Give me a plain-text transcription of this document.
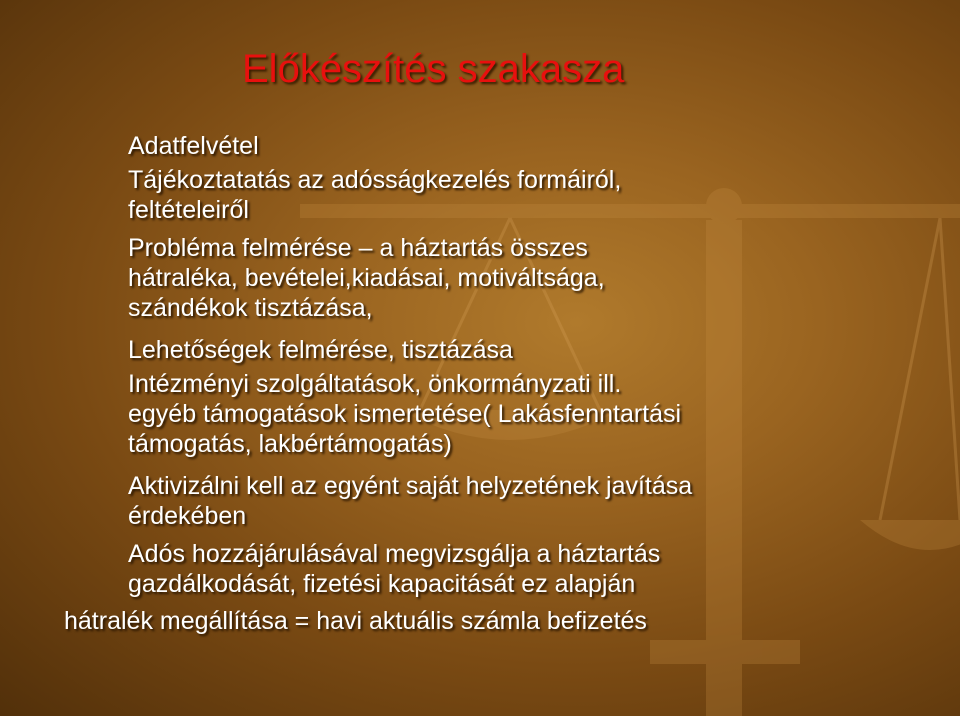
Előkészítés szakasza

Adatfelvétel

Tájékoztatatás az adósságkezelés formáiról,
feltételeiről

Probléma felmérése – a háztartás összes
hátraléka, bevételei,kiadásai, motiváltsága,
szándékok tisztázása,

Lehetőségek felmérése, tisztázása

Intézményi szolgáltatások, önkormányzati ill.
egyéb támogatások ismertetése( Lakásfenntartási
támogatás, lakbértámogatás)

Aktivizálni kell az egyént saját helyzetének javítása
érdekében

Adós hozzájárulásával megvizsgálja a háztartás
gazdálkodását, fizetési kapacitását ez alapján

hátralék megállítása = havi aktuális számla befizetés
